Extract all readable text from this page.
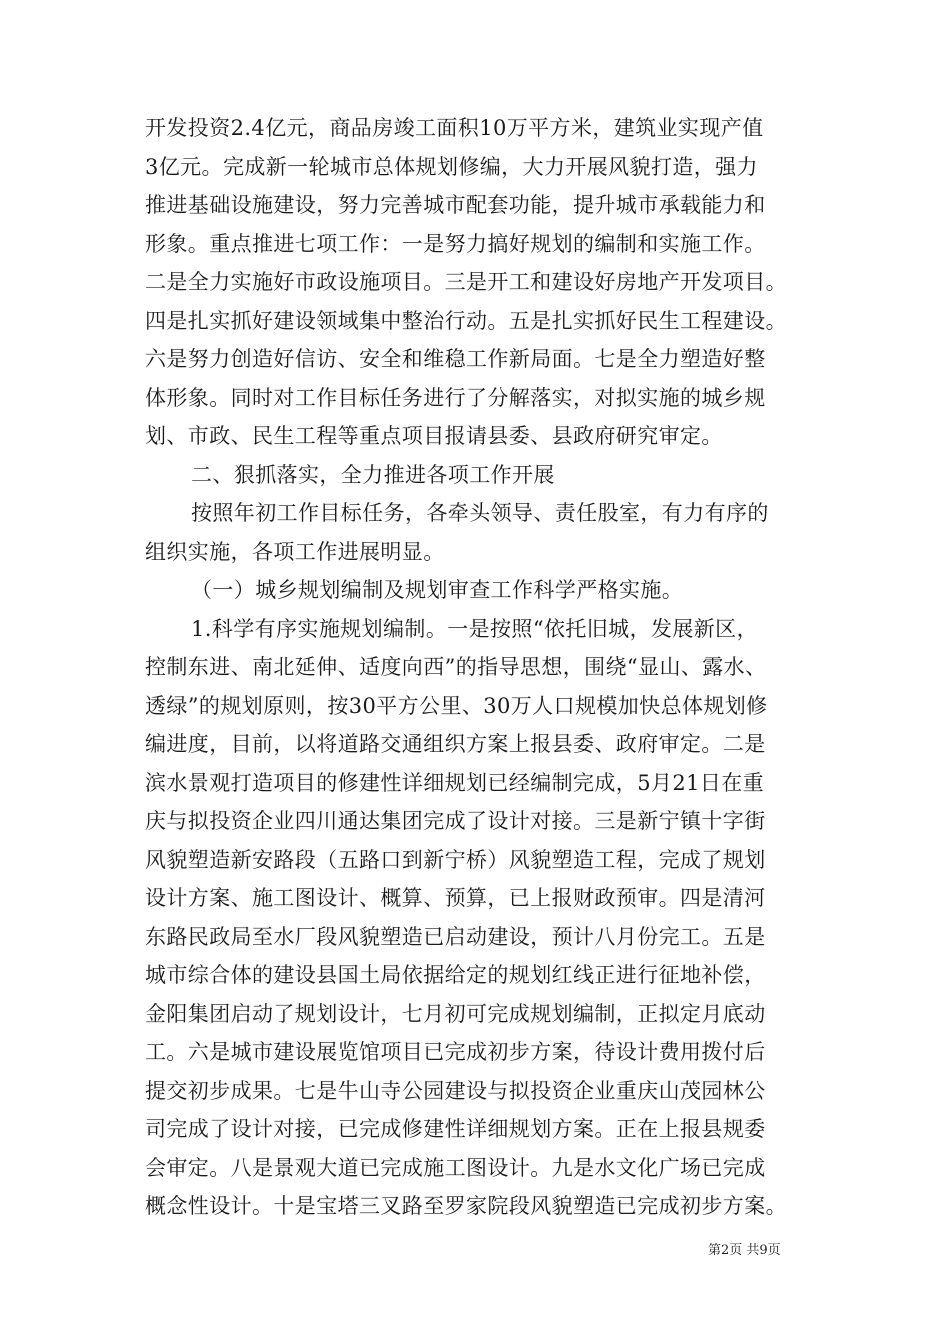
开发投资2.4亿元，商品房竣工面积10万平方米，建筑业实现产值
3亿元。完成新一轮城市总体规划修编，大力开展风貌打造，强力
推进基础设施建设，努力完善城市配套功能，提升城市承载能力和
形象。重点推进七项工作：一是努力搞好规划的编制和实施工作。
二是全力实施好市政设施项目。三是开工和建设好房地产开发项目。
四是扎实抓好建设领域集中整治行动。五是扎实抓好民生工程建设。
六是努力创造好信访、安全和维稳工作新局面。七是全力塑造好整
体形象。同时对工作目标任务进行了分解落实，对拟实施的城乡规
划、市政、民生工程等重点项目报请县委、县政府研究审定。
二、狠抓落实，全力推进各项工作开展
按照年初工作目标任务，各牵头领导、责任股室，有力有序的
组织实施，各项工作进展明显。
（一）城乡规划编制及规划审查工作科学严格实施。
1.科学有序实施规划编制。一是按照“依托旧城，发展新区，
控制东进、南北延伸、适度向西”的指导思想，围绕“显山、露水、
透绿”的规划原则，按30平方公里、30万人口规模加快总体规划修
编进度，目前，以将道路交通组织方案上报县委、政府审定。二是
滨水景观打造项目的修建性详细规划已经编制完成，5月21日在重
庆与拟投资企业四川通达集团完成了设计对接。三是新宁镇十字街
风貌塑造新安路段（五路口到新宁桥）风貌塑造工程，完成了规划
设计方案、施工图设计、概算、预算，已上报财政预审。四是清河
东路民政局至水厂段风貌塑造已启动建设，预计八月份完工。五是
城市综合体的建设县国土局依据给定的规划红线正进行征地补偿，
金阳集团启动了规划设计，七月初可完成规划编制，正拟定月底动
工。六是城市建设展览馆项目已完成初步方案，待设计费用拨付后
提交初步成果。七是牛山寺公园建设与拟投资企业重庆山茂园林公
司完成了设计对接，已完成修建性详细规划方案。正在上报县规委
会审定。八是景观大道已完成施工图设计。九是水文化广场已完成
概念性设计。十是宝塔三叉路至罗家院段风貌塑造已完成初步方案。
第2页 共9页
